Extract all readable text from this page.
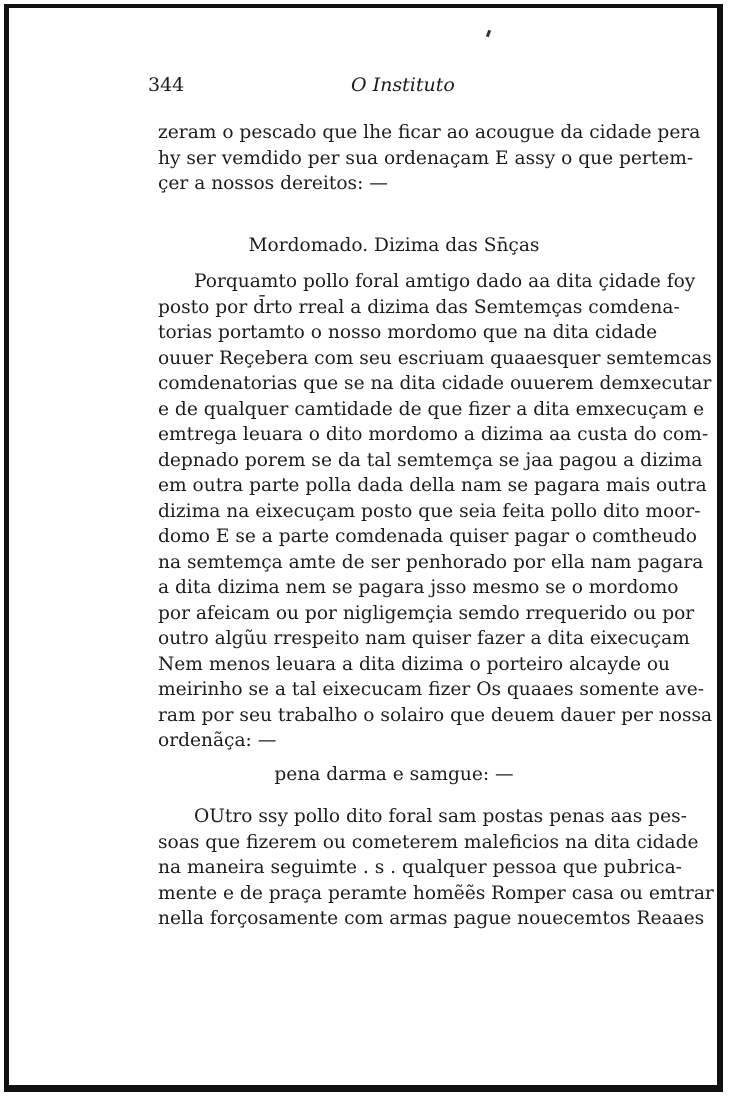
344	O Instituto
zeram o pescado que lhe ficar ao acougue da cidade pera
hy ser vemdido per sua ordenaçam E assy o que pertem-
çer a nossos dereitos: —
Mordomado. Dizima das Sn̄ças
Porquamto pollo foral amtigo dado aa dita çidade foy
posto por d̄rto rreal a dizima das Semtemças comdena-
torias portamto o nosso mordomo que na dita cidade
ouuer Reçebera com seu escriuam quaaesquer semtemcas
comdenatorias que se na dita cidade ouuerem demxecutar
e de qualquer camtidade de que fizer a dita emxecuçam e
emtrega leuara o dito mordomo a dizima aa custa do com-
depnado porem se da tal semtemça se jaa pagou a dizima
em outra parte polla dada della nam se pagara mais outra
dizima na eixecuçam posto que seia feita pollo dito moor-
domo E se a parte comdenada quiser pagar o comtheudo
na semtemça amte de ser penhorado por ella nam pagara
a dita dizima nem se pagara jsso mesmo se o mordomo
por afeicam ou por nigligemçia semdo rrequerido ou por
outro algũu rrespeito nam quiser fazer a dita eixecuçam
Nem menos leuara a dita dizima o porteiro alcayde ou
meirinho se a tal eixecucam fizer Os quaaes somente ave-
ram por seu trabalho o solairo que deuem dauer per nossa
ordenãça: —
pena darma e samgue: —
OUtro ssy pollo dito foral sam postas penas aas pes-
soas que fizerem ou cometerem maleficios na dita cidade
na maneira seguimte . s . qualquer pessoa que pubrica-
mente e de praça peramte homẽẽs Romper casa ou emtrar
nella forçosamente com armas pague nouecemtos Reaaes
